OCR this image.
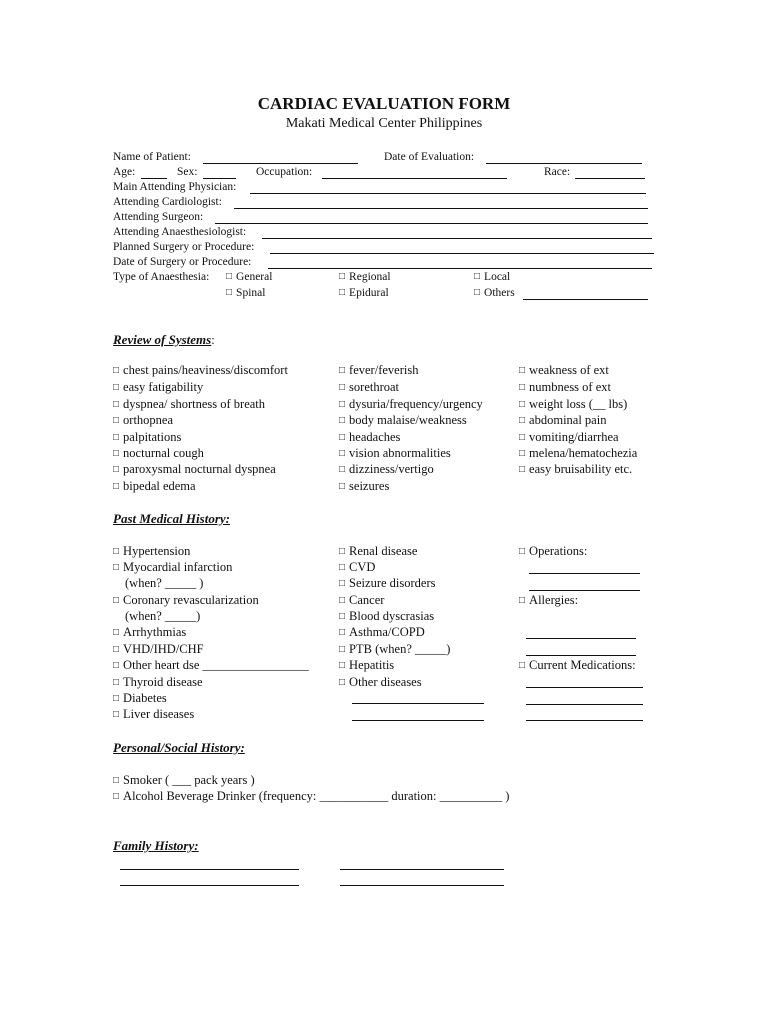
CARDIAC EVALUATION FORM
Makati Medical Center Philippines
Name of Patient:	Date of Evaluation:
Age:	Sex:	Occupation:	Race:
Main Attending Physician:
Attending Cardiologist:
Attending Surgeon:
Attending Anaesthesiologist:
Planned Surgery or Procedure:
Date of Surgery or Procedure:
Type of Anaesthesia:	□ General	□ Regional	□ Local
□ Spinal	□ Epidural	□ Others
Review of Systems:
□ chest pains/heaviness/discomfort
□ easy fatigability
□ dyspnea/ shortness of breath
□ orthopnea
□ palpitations
□ nocturnal cough
□ paroxysmal nocturnal dyspnea
□ bipedal edema
□ fever/feverish
□ sorethroat
□ dysuria/frequency/urgency
□ body malaise/weakness
□ headaches
□ vision abnormalities
□ dizziness/vertigo
□ seizures
□ weakness of ext
□ numbness of ext
□ weight loss (__ lbs)
□ abdominal pain
□ vomiting/diarrhea
□ melena/hematochezia
□ easy bruisability etc.
Past Medical History:
□ Hypertension
□ Myocardial infarction
(when? _____ )
□ Coronary revascularization
(when? _____)
□ Arrhythmias
□ VHD/IHD/CHF
□ Other heart dse _________________
□ Thyroid disease
□ Diabetes
□ Liver diseases
□ Renal disease
□ CVD
□ Seizure disorders
□ Cancer
□ Blood dyscrasias
□ Asthma/COPD
□ PTB (when? _____)
□ Hepatitis
□ Other diseases
□ Operations:
□ Allergies:
□ Current Medications:
Personal/Social History:
□ Smoker ( ___ pack years )
□ Alcohol Beverage Drinker (frequency: ___________ duration: __________ )
Family History:
